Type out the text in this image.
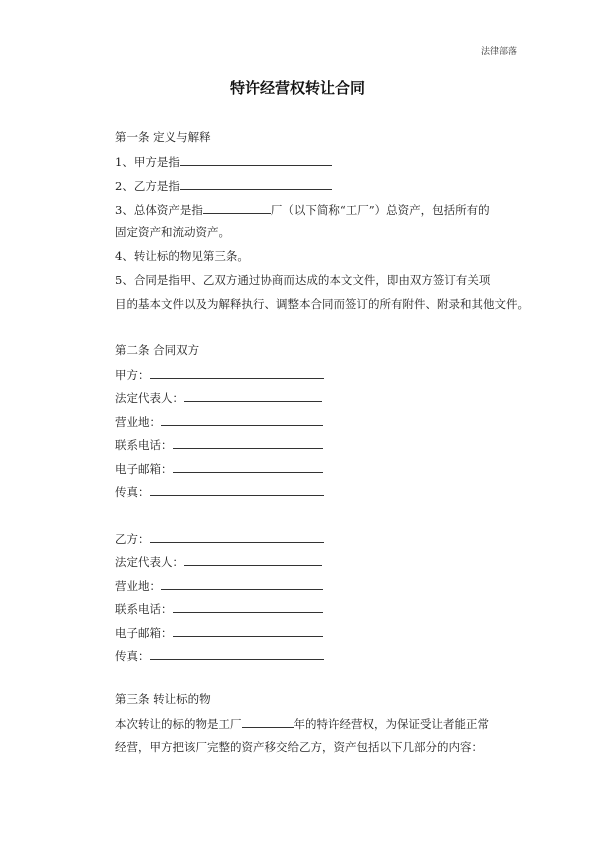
法律部落
特许经营权转让合同
第一条 定义与解释
1、甲方是指
2、乙方是指
3、总体资产是指	厂（以下简称“工厂”）总资产，包括所有的
固定资产和流动资产。
4、转让标的物见第三条。
5、合同是指甲、乙双方通过协商而达成的本文文件，即由双方签订有关项
目的基本文件以及为解释执行、调整本合同而签订的所有附件、附录和其他文件。
第二条 合同双方
甲方：
法定代表人：
营业地：
联系电话：
电子邮箱：
传真：
乙方：
法定代表人：
营业地：
联系电话：
电子邮箱：
传真：
第三条 转让标的物
本次转让的标的物是工厂	年的特许经营权，为保证受让者能正常
经营，甲方把该厂完整的资产移交给乙方，资产包括以下几部分的内容：
